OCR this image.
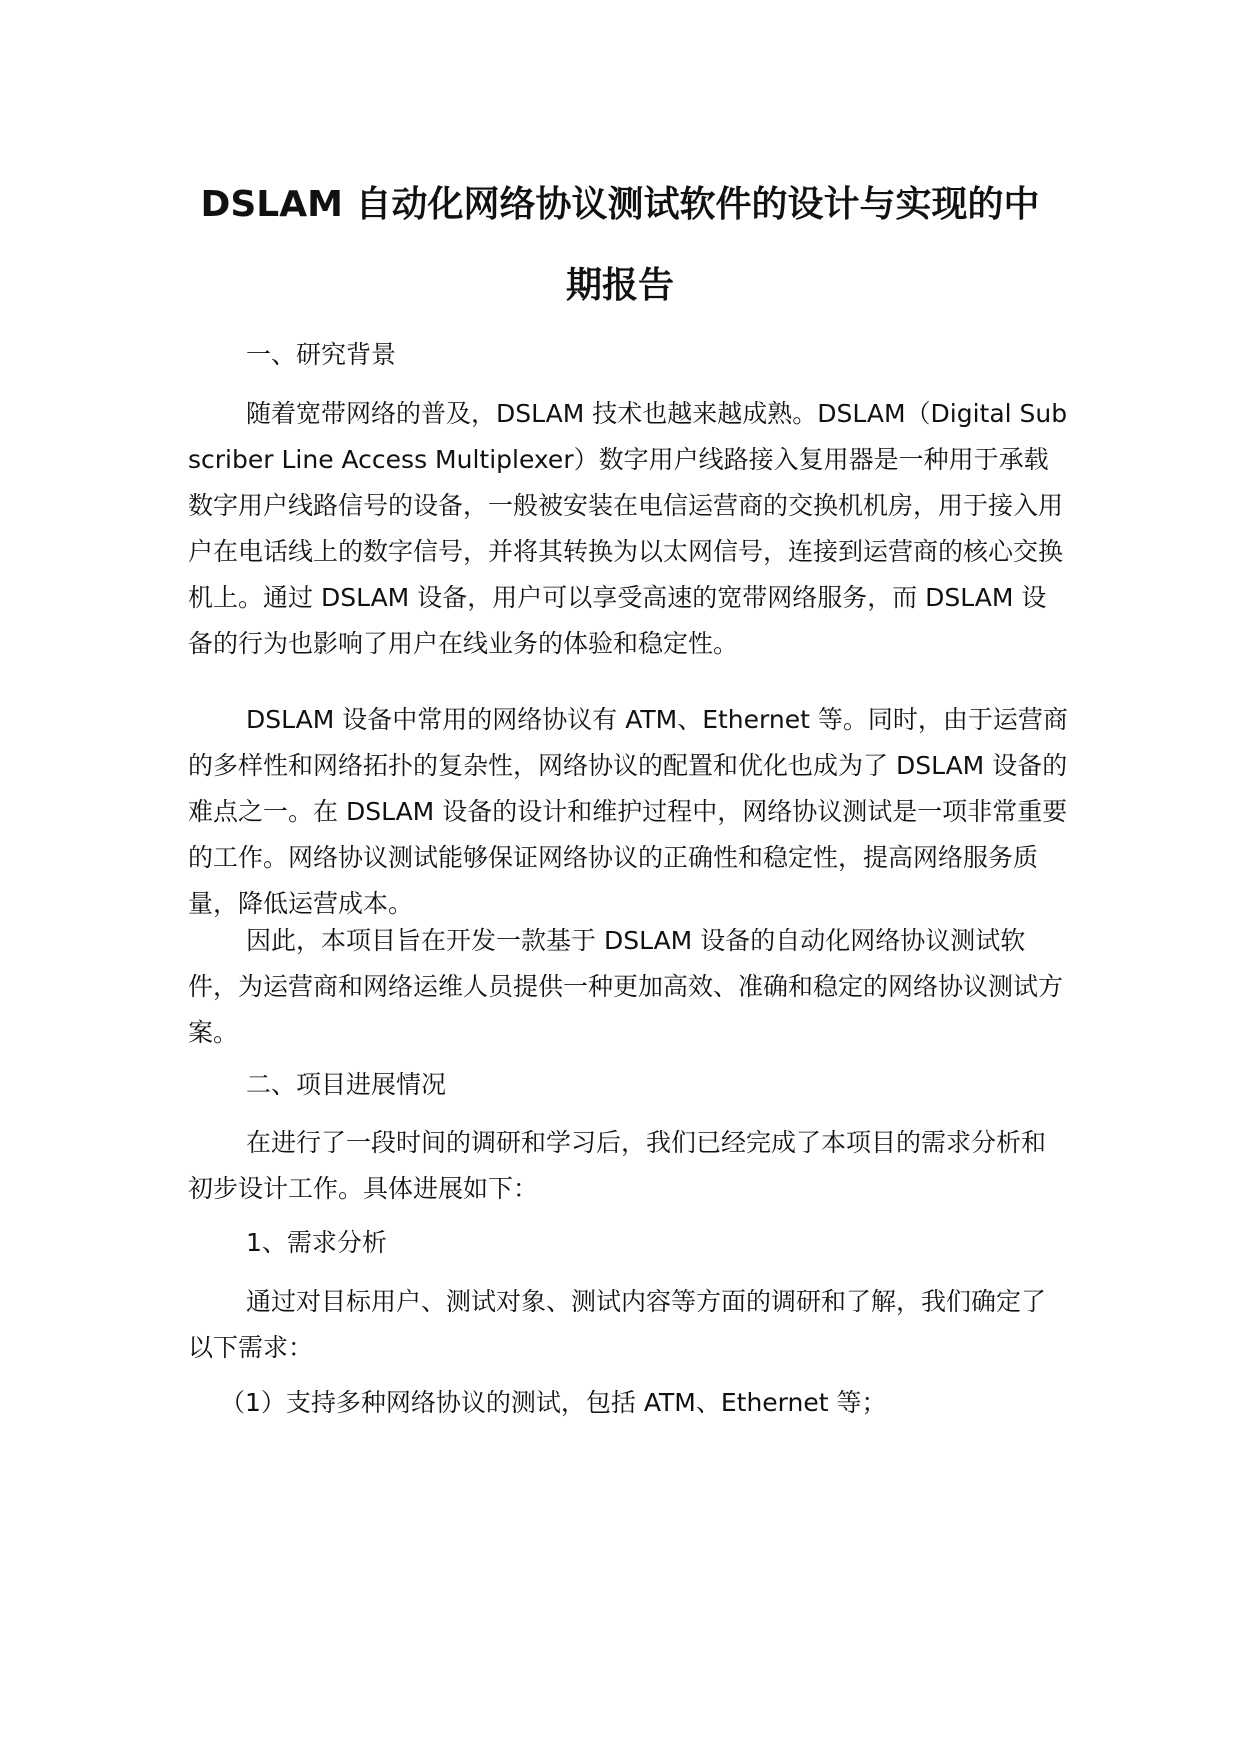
DSLAM 自动化网络协议测试软件的设计与实现的中
期报告
一、研究背景
随着宽带网络的普及，DSLAM 技术也越来越成熟。DSLAM（Digital Subscriber Line Access Multiplexer）数字用户线路接入复用器是一种用于承载数字用户线路信号的设备，一般被安装在电信运营商的交换机机房，用于接入用户在电话线上的数字信号，并将其转换为以太网信号，连接到运营商的核心交换机上。通过 DSLAM 设备，用户可以享受高速的宽带网络服务，而 DSLAM 设备的行为也影响了用户在线业务的体验和稳定性。
DSLAM 设备中常用的网络协议有 ATM、Ethernet 等。同时，由于运营商的多样性和网络拓扑的复杂性，网络协议的配置和优化也成为了 DSLAM 设备的难点之一。在 DSLAM 设备的设计和维护过程中，网络协议测试是一项非常重要的工作。网络协议测试能够保证网络协议的正确性和稳定性，提高网络服务质量，降低运营成本。
因此，本项目旨在开发一款基于 DSLAM 设备的自动化网络协议测试软件，为运营商和网络运维人员提供一种更加高效、准确和稳定的网络协议测试方案。
二、项目进展情况
在进行了一段时间的调研和学习后，我们已经完成了本项目的需求分析和初步设计工作。具体进展如下：
1、需求分析
通过对目标用户、测试对象、测试内容等方面的调研和了解，我们确定了以下需求：
（1）支持多种网络协议的测试，包括 ATM、Ethernet 等；
